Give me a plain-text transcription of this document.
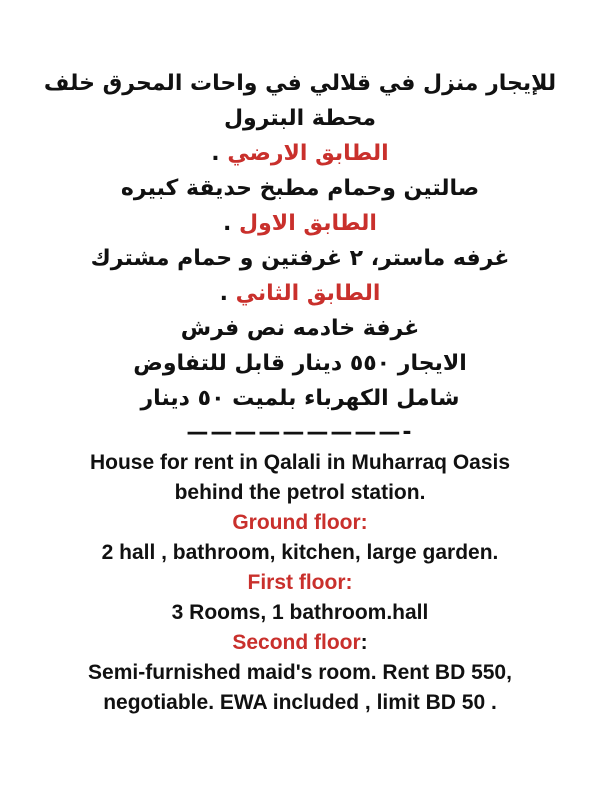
للإيجار منزل في قلالي في واحات المحرق خلف
محطة البترول
الطابق الارضي .
صالتين وحمام مطبخ حديقة كبيره
الطابق الاول .
غرفه ماستر، ٢ غرفتين و حمام مشترك
الطابق الثاني .
غرفة خادمه نص فرش
الايجار ٥٥٠ دينار قابل للتفاوض
شامل الكهرباء بلميت ٥٠ دينار
—————————-
House for rent in Qalali in Muharraq Oasis
behind the petrol station.
Ground floor:
2 hall , bathroom, kitchen, large garden.
First floor:
3 Rooms, 1 bathroom.hall
Second floor:
Semi-furnished maid's room. Rent BD 550,
negotiable. EWA included , limit BD 50 .
